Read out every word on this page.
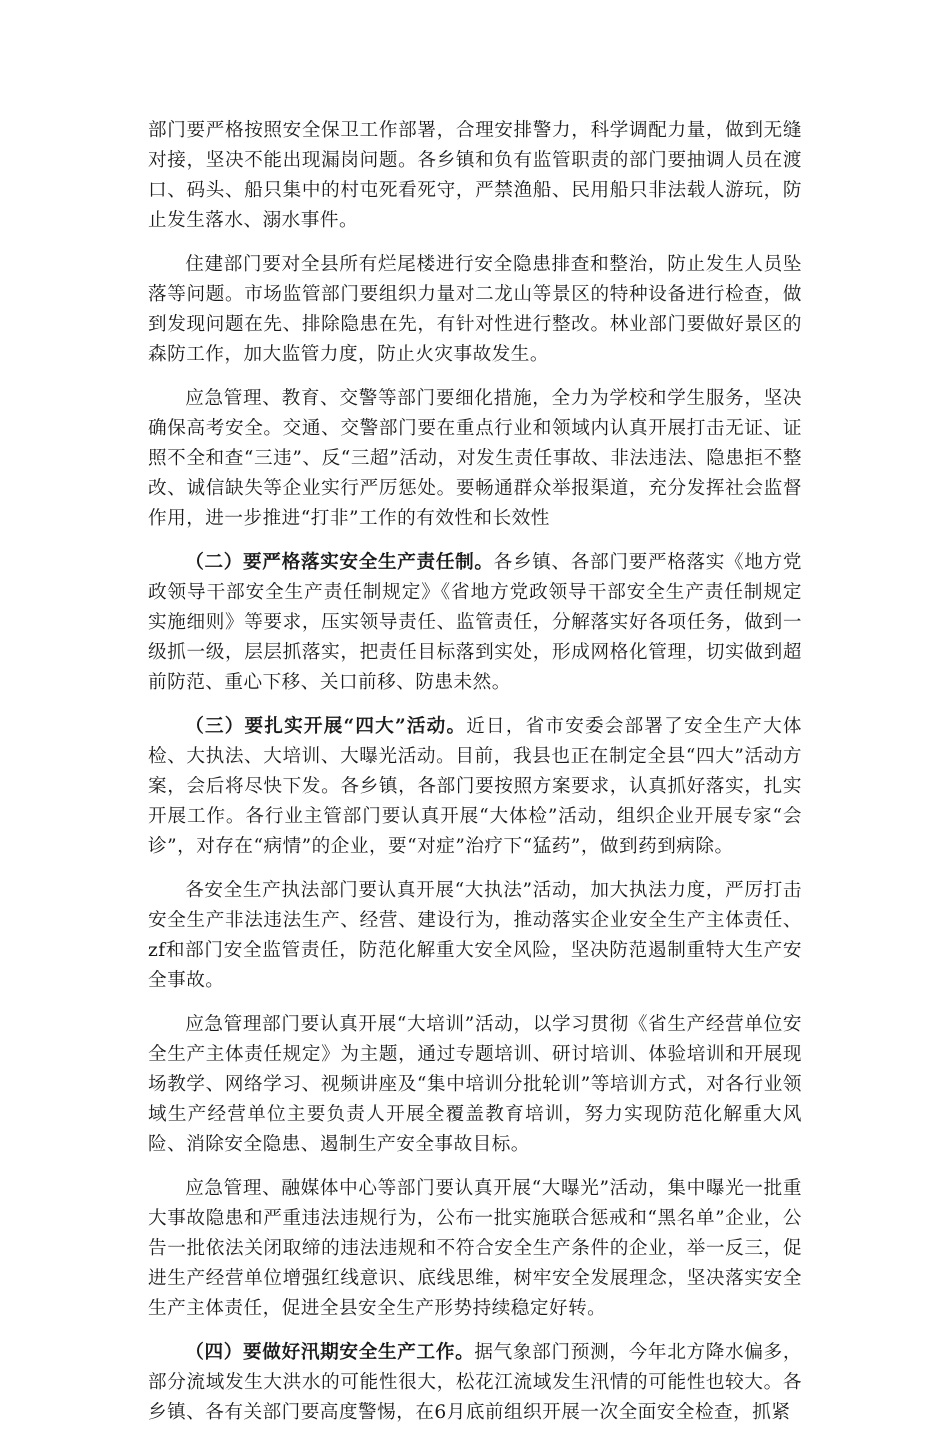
部门要严格按照安全保卫工作部署，合理安排警力，科学调配力量，做到无缝对接，坚决不能出现漏岗问题。各乡镇和负有监管职责的部门要抽调人员在渡口、码头、船只集中的村屯死看死守，严禁渔船、民用船只非法载人游玩，防止发生落水、溺水事件。

住建部门要对全县所有烂尾楼进行安全隐患排查和整治，防止发生人员坠落等问题。市场监管部门要组织力量对二龙山等景区的特种设备进行检查，做到发现问题在先、排除隐患在先，有针对性进行整改。林业部门要做好景区的森防工作，加大监管力度，防止火灾事故发生。

应急管理、教育、交警等部门要细化措施，全力为学校和学生服务，坚决确保高考安全。交通、交警部门要在重点行业和领域内认真开展打击无证、证照不全和查“三违”、反“三超”活动，对发生责任事故、非法违法、隐患拒不整改、诚信缺失等企业实行严厉惩处。要畅通群众举报渠道，充分发挥社会监督作用，进一步推进“打非”工作的有效性和长效性

（二）要严格落实安全生产责任制。各乡镇、各部门要严格落实《地方党政领导干部安全生产责任制规定》《省地方党政领导干部安全生产责任制规定实施细则》等要求，压实领导责任、监管责任，分解落实好各项任务，做到一级抓一级，层层抓落实，把责任目标落到实处，形成网格化管理，切实做到超前防范、重心下移、关口前移、防患未然。

（三）要扎实开展“四大”活动。近日，省市安委会部署了安全生产大体检、大执法、大培训、大曝光活动。目前，我县也正在制定全县“四大”活动方案，会后将尽快下发。各乡镇，各部门要按照方案要求，认真抓好落实，扎实开展工作。各行业主管部门要认真开展“大体检”活动，组织企业开展专家“会诊”，对存在“病情”的企业，要“对症”治疗下“猛药”，做到药到病除。

各安全生产执法部门要认真开展“大执法”活动，加大执法力度，严厉打击安全生产非法违法生产、经营、建设行为，推动落实企业安全生产主体责任、zf和部门安全监管责任，防范化解重大安全风险，坚决防范遏制重特大生产安全事故。

应急管理部门要认真开展“大培训”活动，以学习贯彻《省生产经营单位安全生产主体责任规定》为主题，通过专题培训、研讨培训、体验培训和开展现场教学、网络学习、视频讲座及“集中培训分批轮训”等培训方式，对各行业领域生产经营单位主要负责人开展全覆盖教育培训，努力实现防范化解重大风险、消除安全隐患、遏制生产安全事故目标。

应急管理、融媒体中心等部门要认真开展“大曝光”活动，集中曝光一批重大事故隐患和严重违法违规行为，公布一批实施联合惩戒和“黑名单”企业，公告一批依法关闭取缔的违法违规和不符合安全生产条件的企业，举一反三，促进生产经营单位增强红线意识、底线思维，树牢安全发展理念，坚决落实安全生产主体责任，促进全县安全生产形势持续稳定好转。

（四）要做好汛期安全生产工作。据气象部门预测，今年北方降水偏多，部分流域发生大洪水的可能性很大，松花江流域发生汛情的可能性也较大。各乡镇、各有关部门要高度警惕，在6月底前组织开展一次全面安全检查，抓紧
